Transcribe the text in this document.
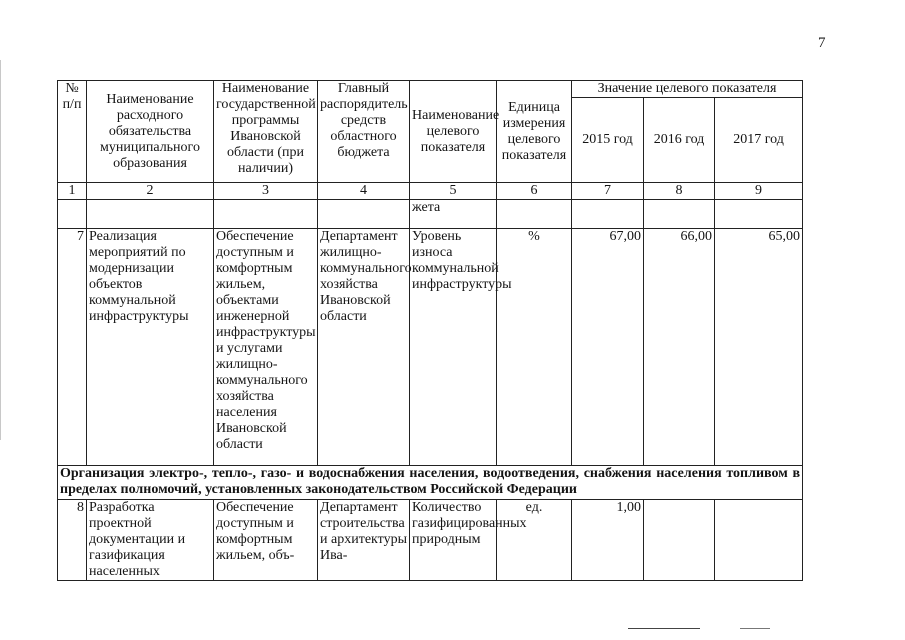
7
№ п/п	Наименование расходного обязательства муниципального образования	Наименование государственной программы Ивановской области (при наличии)	Главный распорядитель средств областного бюджета	Наименование целевого показателя	Единица измерения целевого показателя	Значение целевого показателя		
						2015 год	2016 год	2017 год
1	2	3	4	5	6	7	8	9
				жета				
7	Реализация мероприятий по модернизации объектов коммунальной инфраструктуры	Обеспечение доступным и комфортным жильем, объектами инженерной инфраструктуры и услугами жилищно-коммунального хозяйства населения Ивановской области	Департамент жилищно-коммунального хозяйства Ивановской области	Уровень износа коммунальной инфраструктуры	%	67,00	66,00	65,00
Организация электро-, тепло-, газо- и водоснабжения населения, водоотведения, снабжения населения топливом в пределах полномочий, установленных законодательством Российской Федерации								
8	Разработка проектной документации и газификация населенных	Обеспечение доступным и комфортным жильем, объ-	Департамент строительства и архитектуры Ива-	Количество газифицированных природным	ед.	1,00		
